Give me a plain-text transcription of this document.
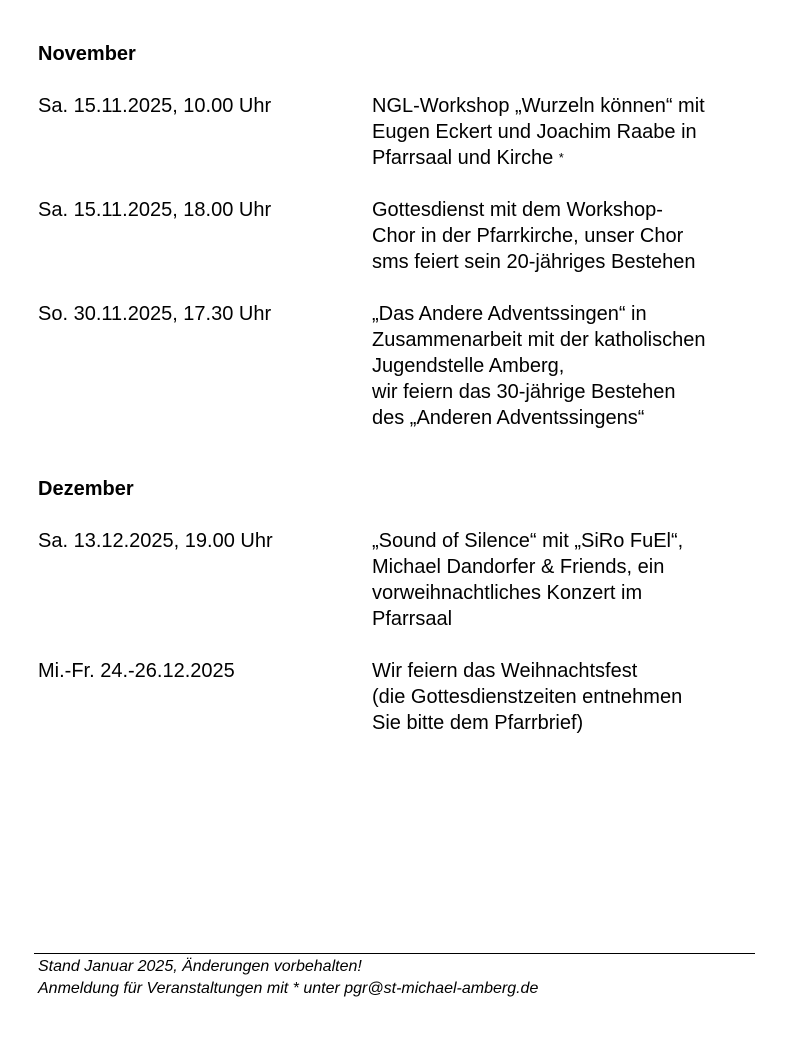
November
Sa. 15.11.2025, 10.00 Uhr	NGL-Workshop „Wurzeln können“ mit
Eugen Eckert und Joachim Raabe in
Pfarrsaal und Kirche *
Sa. 15.11.2025, 18.00 Uhr	Gottesdienst mit dem Workshop-
Chor in der Pfarrkirche, unser Chor
sms feiert sein 20-jähriges Bestehen
So. 30.11.2025, 17.30 Uhr	„Das Andere Adventssingen“ in
Zusammenarbeit mit der katholischen
Jugendstelle Amberg,
wir feiern das 30-jährige Bestehen
des „Anderen Adventssingens“
Dezember
Sa. 13.12.2025, 19.00 Uhr	„Sound of Silence“ mit „SiRo FuEl“,
Michael Dandorfer & Friends, ein
vorweihnachtliches Konzert im
Pfarrsaal
Mi.-Fr. 24.-26.12.2025	Wir feiern das Weihnachtsfest
(die Gottesdienstzeiten entnehmen
Sie bitte dem Pfarrbrief)
Stand Januar 2025, Änderungen vorbehalten!
Anmeldung für Veranstaltungen mit * unter pgr@st-michael-amberg.de
